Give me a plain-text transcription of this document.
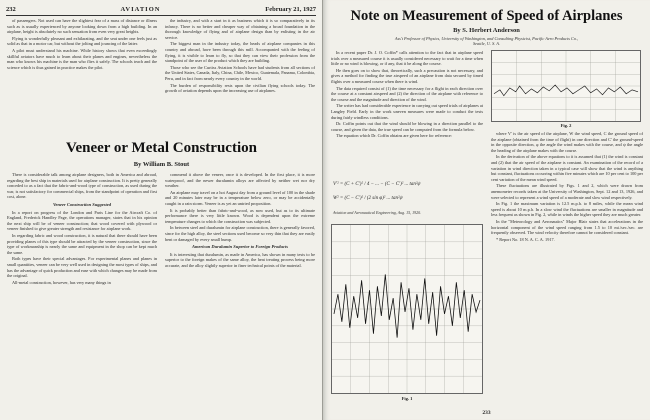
232	AVIATION	February 21, 1927

of passengers. Not used can have the slightest fear of a mass of distance or illness such as is usually experienced by anyone looking down from a high building. In an airplane, height is absolutely no such sensation from even very great heights.

Flying is wonderfully pleasant and exhilarating, and the seat under one feels just as solid as that in a motor car, but without the jolting and jouncing of the latter.

A pilot must understand his machine. While history shows that even exceedingly skillful aviators have much to learn about their planes and engines, nevertheless the man who knows his machine is the man who flies it safely. The schools teach and the science which is thus gained in practice makes the pilot.

the industry, and with a start in it as business which it is so comparatively in its infancy. There is no better and cheaper way of obtaining a broad foundation in the thorough knowledge of flying and of airplane design than by enlisting in the air service.

The biggest man in the industry today, the heads of airplane companies in this country and abroad, have been through this mill. Accompanied with the feeling of flying, it is visible to learn to fly, so that they can view their profession from the standpoint of the user of the product which they are building.

Those who see the Curtiss Aviation Schools have had students from all sections of the United States, Canada, Italy, China, Chile, Mexico, Guatemala, Panama, Colombia, Peru, and in fact from nearly every country in the world.

The burden of responsibility rests upon the civilian flying schools today. The growth of aviation depends upon the increasing use of airplanes.

Veneer or Metal Construction
By William B. Stout

There is considerable talk among airplane designers, both in America and abroad, regarding the best ship in materials used for airplane construction. It is pretty generally conceded to as a fact that the fabric-and-wood type of construction, as used during the war, is not satisfactory for commercial ships, from the standpoint of operation and first cost, alone.

Veneer Construction Suggested

In a report on progress of the London and Paris Line for the Aircraft Co. of England, Frederick Handley Page, the operations manager, states that in his opinion the next ship will be of veneer construction; that wood covered with plywood or veneer finished to give greater strength and resistance for airplane work.

In regarding fabric and wood construction, it is natural that there should have been providing planes of this type should be attracted by the veneer construction, since the type of workmanship is nearly the same and equipment in the shop can be kept much the same.

Both types have their special advantages. For experimental planes and planes in small quantities, veneer can be very well used in designing the most types of ships, and has the advantage of quick production and ease with which changes may be made from the original.

All-metal construction, however, has very many things in

commend it above the veneer, once it is developed. In the first place, it is more waterproof, and the newer duralumin alloys are affected by neither wet nor dry weather.

An airplane may travel on a hot August day from a ground level of 100 in the shade and 20 minutes later may be in a temperature below zero, or may be accidentally caught in a rain storm. Veneer is as yet an untried proposition.

It is probably better than fabric-and-wood, as now used, but as to its ultimate performance there is very little known. Wood is dependent upon the extreme temperature changes to which the construction was subjected.

In between steel and duralumin for airplane construction, there is generally favored, since for the high alloy, the steel sections used become so very thin that they are easily bent or damaged by every small bump.

American Duralumin Superior to Foreign Products

It is interesting that duralumin, as made in America, has shown in many tests to be superior to the foreign makes of the same alloy, the heat treating process being more accurate, and the alloy slightly superior in finer technical points of the material.

Note on Measurement of Speed of Airplanes
By S. Herbert Anderson
Ass't Professor of Physics, University of Washington, and Consulting Physicist, Pacific Aero Products Co., Seattle, U. S. A.

In a recent paper Dr. J. O. Coffin* calls attention to the fact that in airplane speed trials over a measured course it is usually considered necessary to wait for a time when little or no wind is blowing, or if any, that it be along the course.

He then goes on to show that, theoretically, such a precaution is not necessary, and gives a method for finding the true airspeed of an airplane from data secured by timed flights over a measured course when there is wind.

The data required consist of (1) the time necessary for a flight in each direction over the course at a constant airspeed and (2) the direction of the airplane with reference to the course and the magnitude and direction of the wind.

The writer has had considerable experience in carrying out speed trials of airplanes at Langley Field. Early in the work uneven measures were made to conduct the tests during fairly windless conditions.

Dr. Coffin points out that the wind should be blowing in a direction parallel to the course, and given the data, the true speed can be computed from the formula below.

The equation which Dr. Coffin obtains are given here for reference:

V'² = (C + C')² / 4 − ... − (C − C')² ... tan²ψ
W² = (C − C')² / (2 sin φ)² ... tan²ψ
Aviation and Aeronautical Engineering, Aug. 15, 1920.
Fig. 2

where V' is the air speed of the airplane, W the wind speed, C the ground speed of the airplane (obtained from the time of flight) in one direction and C' the ground-speed in the opposite direction, φ the angle the wind makes with the course, and ψ the angle the heading of the airplane makes with the course.

In the derivation of the above equations to it is assumed that (1) the wind is constant and (2) that the air speed of the airplane is constant. An examination of the record of a variation in wind direction taken in a typical case will show that the wind is anything but constant, fluctuations occurring within five minutes which are 10 per cent to 100 per cent variation of the mean wind speed.

These fluctuations are illustrated by Figs. 1 and 2, which were drawn from anemometer records taken at the University of Washington, Sept. 12 and 13, 1926, and were selected to represent a wind speed of a moderate and slow wind respectively.

In Fig. 1 the maximum variation is 12.5 m.p.h. to 8 miles, while the mean wind speed is about 10 m.p.h. In a slow wind the fluctuations are smaller in magnitude and less frequent as shown in Fig. 2, while in winds the higher speed they are much greater.

In the "Meteorology and Aeronautics" Major Blair states that accelerations in the horizontal component of the wind speed ranging from 1.5 to 10 mi./sec./sec. are frequently observed. The wind velocity therefore cannot be considered constant.

* Report No. 18 N. A. C. A. 1917.

Fig. 1
233
